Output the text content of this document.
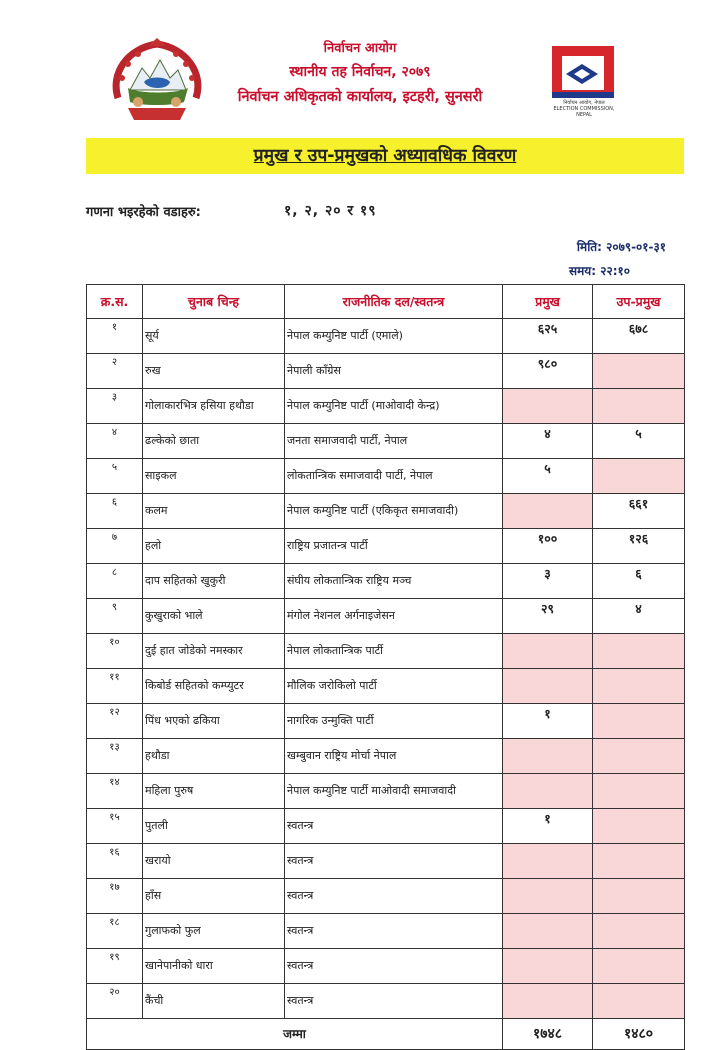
निर्वाचन आयोग, नेपाल
ELECTION COMMISSION, NEPAL
निर्वाचन आयोग
स्थानीय तह निर्वाचन, २०७९
निर्वाचन अधिकृतको कार्यालय, इटहरी, सुनसरी
प्रमुख र उप-प्रमुखको अध्यावधिक विवरण
गणना भइरहेको वडाहरु:	१, २, २० र १९
मिति: २०७९-०१-३१
समय: २२:१०
क्र.स.	चुनाब चिन्ह	राजनीतिक दल/स्वतन्त्र	प्रमुख	उप-प्रमुख
१	सूर्य	नेपाल कम्युनिष्ट पार्टी (एमाले)	६२५	६७८
२	रुख	नेपाली काँग्रेस	९८०	
३	गोलाकारभित्र हसिया हथौडा	नेपाल कम्युनिष्ट पार्टी (माओवादी केन्द्र)		
४	ढल्केको छाता	जनता समाजवादी पार्टी, नेपाल	४	५
५	साइकल	लोकतान्त्रिक समाजवादी पार्टी, नेपाल	५	
६	कलम	नेपाल कम्युनिष्ट पार्टी (एकिकृत समाजवादी)		६६१
७	हलो	राष्ट्रिय प्रजातन्त्र पार्टी	१००	१२६
८	दाप सहितको खुकुरी	संघीय लोकतान्त्रिक राष्ट्रिय मञ्च	३	६
९	कुखुराको भाले	मंगोल नेशनल अर्गनाइजेसन	२९	४
१०	दुई हात जोडेको नमस्कार	नेपाल लोकतान्त्रिक पार्टी		
११	किबोर्ड सहितको कम्प्युटर	मौलिक जरोकिलो पार्टी		
१२	पिंध भएको ढकिया	नागरिक उन्मुक्ति पार्टी	१	
१३	हथौडा	खम्बुवान राष्ट्रिय मोर्चा नेपाल		
१४	महिला पुरुष	नेपाल कम्युनिष्ट पार्टी माओवादी समाजवादी		
१५	पुतली	स्वतन्त्र	१	
१६	खरायो	स्वतन्त्र		
१७	हाँस	स्वतन्त्र		
१८	गुलाफको फुल	स्वतन्त्र		
१९	खानेपानीको धारा	स्वतन्त्र		
२०	कैंची	स्वतन्त्र		
जम्मा			१७४८	१४८०
